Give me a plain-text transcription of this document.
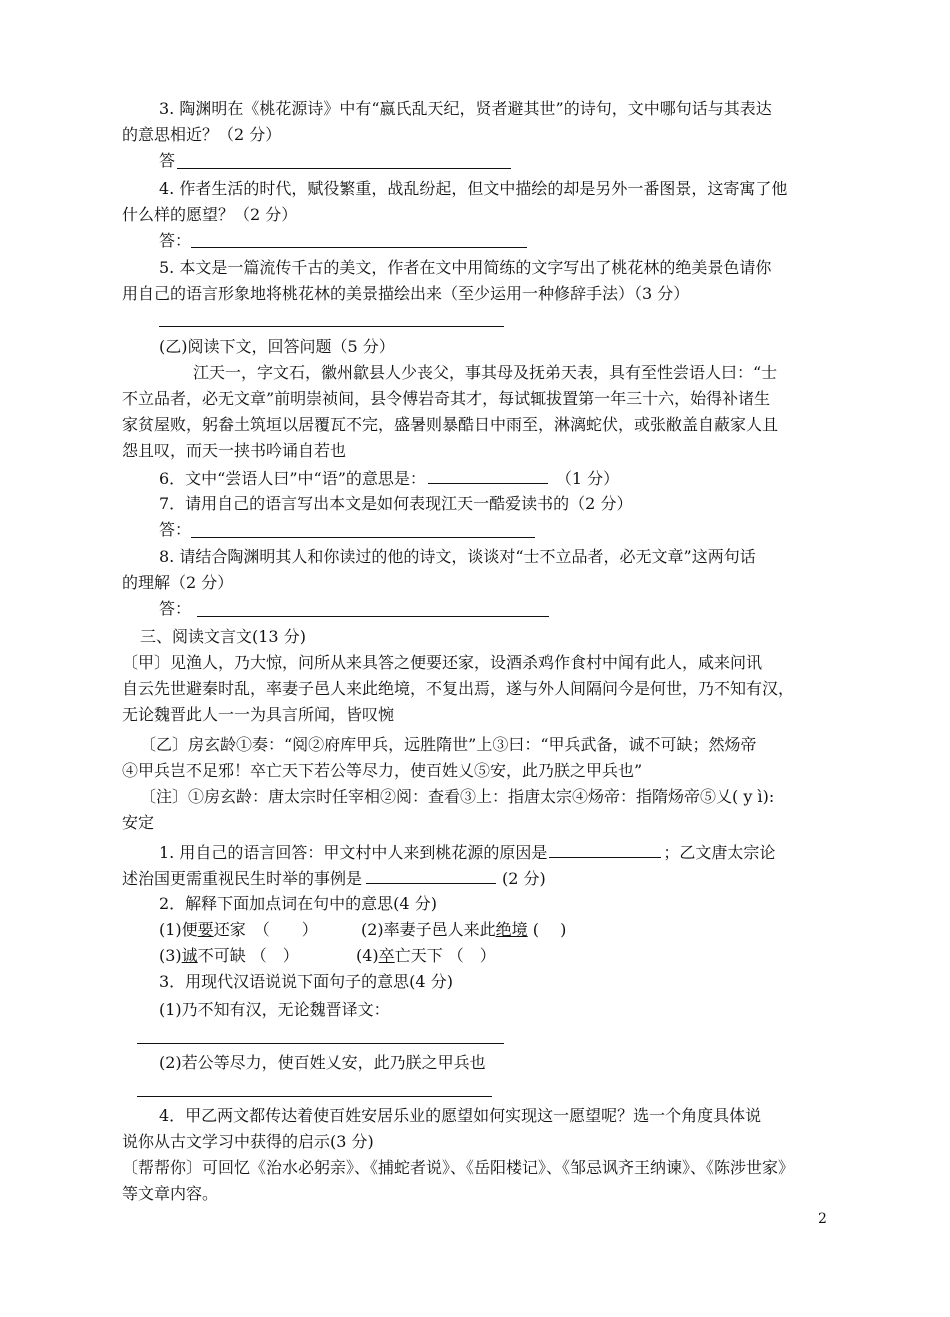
3. 陶渊明在《桃花源诗》中有“嬴氏乱天纪，贤者避其世”的诗句，文中哪句话与其表达
的意思相近？（2 分）
答
4. 作者生活的时代，赋役繁重，战乱纷起，但文中描绘的却是另外一番图景，这寄寓了他
什么样的愿望？（2 分）
答：
5. 本文是一篇流传千古的美文，作者在文中用简练的文字写出了桃花林的绝美景色请你
用自己的语言形象地将桃花林的美景描绘出来（至少运用一种修辞手法）（3 分）
(乙)阅读下文，回答问题（5 分）
江天一，字文石，徽州歙县人少丧父，事其母及抚弟天表，具有至性尝语人曰：“士
不立品者，必无文章”前明崇祯间，县令傅岩奇其才，每试辄拔置第一年三十六，始得补诸生
家贫屋败，躬畚土筑垣以居覆瓦不完，盛暑则暴酷日中雨至，淋漓蛇伏，或张敝盖自蔽家人且
怨且叹，而天一挟书吟诵自若也
6．文中“尝语人曰”中“语”的意思是：	（1 分）
7．请用自己的语言写出本文是如何表现江天一酷爱读书的（2 分）
答：
8. 请结合陶渊明其人和你读过的他的诗文，谈谈对“士不立品者，必无文章”这两句话
的理解（2 分）
答：
三、阅读文言文(13 分)
〔甲〕见渔人，乃大惊，问所从来具答之便要还家，设酒杀鸡作食村中闻有此人，咸来问讯
自云先世避秦时乱，率妻子邑人来此绝境，不复出焉，遂与外人间隔问今是何世，乃不知有汉，
无论魏晋此人一一为具言所闻，皆叹惋
〔乙〕房玄龄①奏：“阅②府库甲兵，远胜隋世”上③曰：“甲兵武备，诚不可缺；然炀帝
④甲兵岂不足邪！卒亡天下若公等尽力，使百姓乂⑤安，此乃朕之甲兵也”
〔注〕①房玄龄：唐太宗时任宰相②阅：查看③上：指唐太宗④炀帝：指隋炀帝⑤乂( y ì):
安定
1. 用自己的语言回答：甲文村中人来到桃花源的原因是	；乙文唐太宗论
述治国更需重视民生时举的事例是	(2 分)
2．解释下面加点词在句中的意思(4 分)
(1)便要还家　（　　）	(2)率妻子邑人来此绝境 (　 )
(3)诚不可缺 （　）	(4)卒亡天下 （　）
3．用现代汉语说说下面句子的意思(4 分)
(1)乃不知有汉，无论魏晋译文：
(2)若公等尽力，使百姓乂安，此乃朕之甲兵也
4．甲乙两文都传达着使百姓安居乐业的愿望如何实现这一愿望呢？选一个角度具体说
说你从古文学习中获得的启示(3 分)
〔帮帮你〕可回忆《治水必躬亲》、《捕蛇者说》、《岳阳楼记》、《邹忌讽齐王纳谏》、《陈涉世家》
等文章内容。
2
